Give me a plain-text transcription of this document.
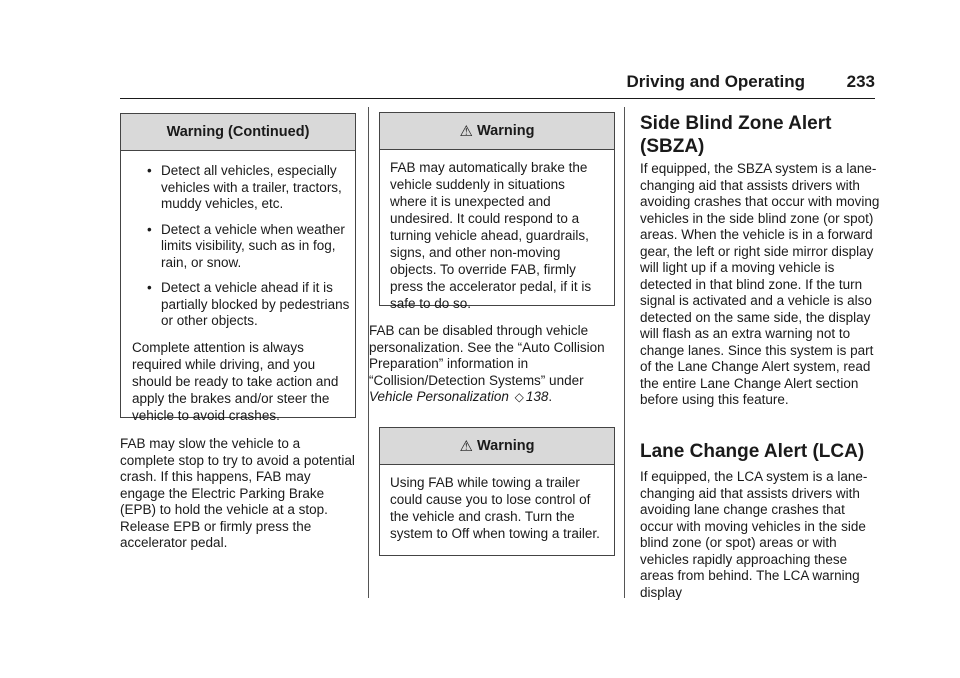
Driving and Operating 233
Warning (Continued)
• Detect all vehicles, especially vehicles with a trailer, tractors, muddy vehicles, etc.
• Detect a vehicle when weather limits visibility, such as in fog, rain, or snow.
• Detect a vehicle ahead if it is partially blocked by pedestrians or other objects.
Complete attention is always required while driving, and you should be ready to take action and apply the brakes and/or steer the vehicle to avoid crashes.
FAB may slow the vehicle to a complete stop to try to avoid a potential crash. If this happens, FAB may engage the Electric Parking Brake (EPB) to hold the vehicle at a stop. Release EPB or firmly press the accelerator pedal.
⚠ Warning
FAB may automatically brake the vehicle suddenly in situations where it is unexpected and undesired. It could respond to a turning vehicle ahead, guardrails, signs, and other non-moving objects. To override FAB, firmly press the accelerator pedal, if it is safe to do so.
FAB can be disabled through vehicle personalization. See the “Auto Collision Preparation” information in “Collision/Detection Systems” under Vehicle Personalization ◇ 138.
⚠ Warning
Using FAB while towing a trailer could cause you to lose control of the vehicle and crash. Turn the system to Off when towing a trailer.
Side Blind Zone Alert (SBZA)
If equipped, the SBZA system is a lane-changing aid that assists drivers with avoiding crashes that occur with moving vehicles in the side blind zone (or spot) areas. When the vehicle is in a forward gear, the left or right side mirror display will light up if a moving vehicle is detected in that blind zone. If the turn signal is activated and a vehicle is also detected on the same side, the display will flash as an extra warning not to change lanes. Since this system is part of the Lane Change Alert system, read the entire Lane Change Alert section before using this feature.
Lane Change Alert (LCA)
If equipped, the LCA system is a lane-changing aid that assists drivers with avoiding lane change crashes that occur with moving vehicles in the side blind zone (or spot) areas or with vehicles rapidly approaching these areas from behind. The LCA warning display
